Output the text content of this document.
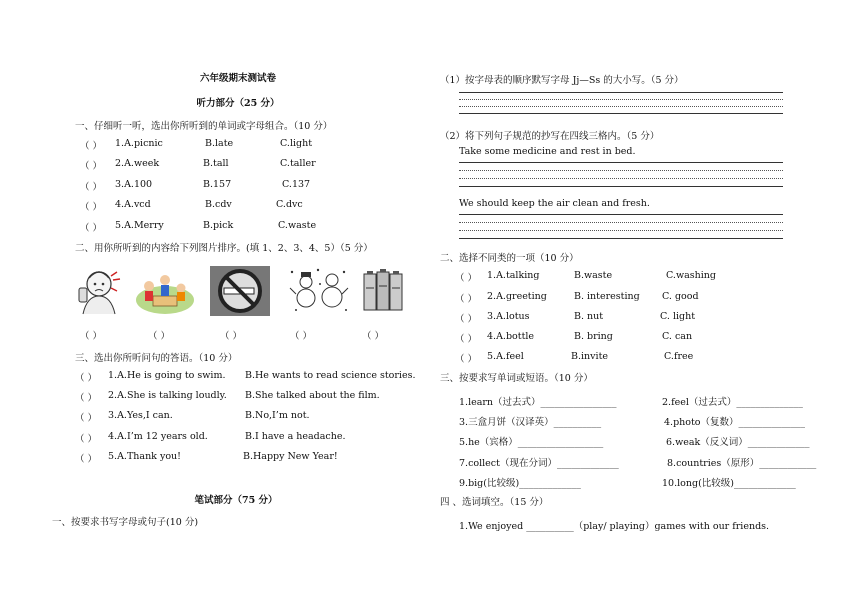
六年级期末测试卷
听力部分（25 分）
一、仔细听一听，选出你所听到的单词或字母组合。（10 分）
（ ） 1.A.picnic	B.late	C.light
（ ） 2.A.week	B.tall	C.taller
（ ） 3.A.100	B.157	C.137
（ ） 4.A.vcd	B.cdv	C.dvc
（ ） 5.A.Merry	B.pick	C.waste
二、用你所听到的内容给下列图片排序。(填 1、2、3、4、5）（5 分）
（ ）	（ ）	（ ）	（ ）	（ ）
三、选出你所听问句的答语。（10 分）
（ ） 1.A.He is going to swim. B.He wants to read science stories.
（ ） 2.A.She is talking loudly. B.She talked about the film.
（ ） 3.A.Yes,I can.	B.No,I’m not.
（ ） 4.A.I’m 12 years old.	B.I have a headache.
（ ） 5.A.Thank you!	B.Happy New Year!
笔试部分（75 分）
一、按要求书写字母或句子(10 分)
（1）按字母表的顺序默写字母 Jj—Ss 的大小写。（5 分）
（2）将下列句子规范的抄写在四线三格内。（5 分）
Take some medicine and rest in bed.
We should keep the air clean and fresh.
二、选择不同类的一项（10 分）
（ ） 1.A.talking	B.waste	C.washing
（ ） 2.A.greeting	B. interesting C. good
（ ） 3.A.lotus	B. nut	C. light
（ ） 4.A.bottle	B. bring	C. can
（ ） 5.A.feel	B.invite	C.free
三、按要求写单词或短语。（10 分）
1.learn（过去式）________________	2.feel（过去式）______________
3.三盒月饼（汉译英）__________	4.photo（复数）______________
5.he（宾格）__________________	6.weak（反义词）_____________
7.collect（现在分词）_____________	8.countries（原形）____________
9.big(比较级)_____________	10.long(比较级)_____________
四 、选词填空。（15 分）
1.We enjoyed __________（play/ playing）games with our friends.
